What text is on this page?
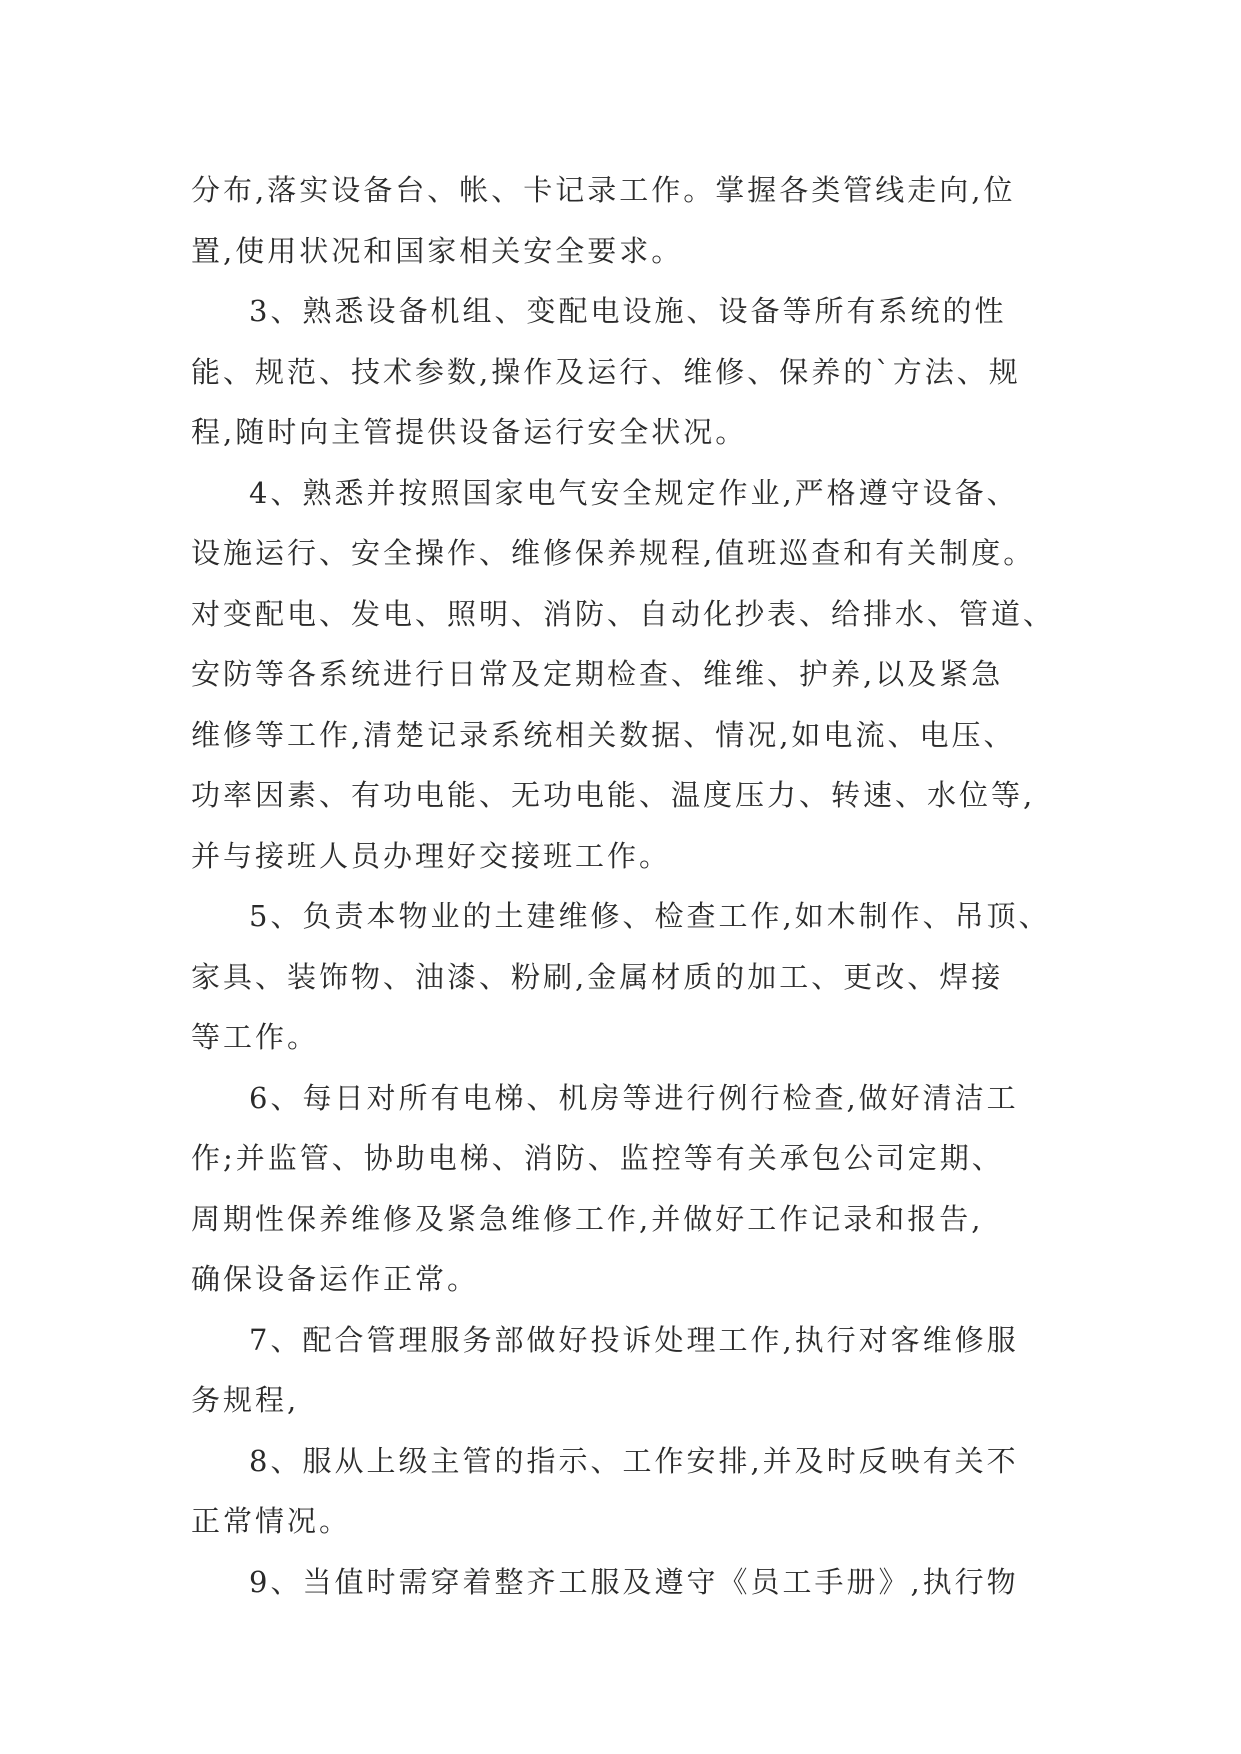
分布,落实设备台、帐、卡记录工作。掌握各类管线走向,位
置,使用状况和国家相关安全要求。

3、熟悉设备机组、变配电设施、设备等所有系统的性
能、规范、技术参数,操作及运行、维修、保养的`方法、规
程,随时向主管提供设备运行安全状况。

4、熟悉并按照国家电气安全规定作业,严格遵守设备、
设施运行、安全操作、维修保养规程,值班巡查和有关制度。
对变配电、发电、照明、消防、自动化抄表、给排水、管道、
安防等各系统进行日常及定期检查、维维、护养,以及紧急
维修等工作,清楚记录系统相关数据、情况,如电流、电压、
功率因素、有功电能、无功电能、温度压力、转速、水位等,
并与接班人员办理好交接班工作。

5、负责本物业的土建维修、检查工作,如木制作、吊顶、
家具、装饰物、油漆、粉刷,金属材质的加工、更改、焊接
等工作。

6、每日对所有电梯、机房等进行例行检查,做好清洁工
作;并监管、协助电梯、消防、监控等有关承包公司定期、
周期性保养维修及紧急维修工作,并做好工作记录和报告,
确保设备运作正常。

7、配合管理服务部做好投诉处理工作,执行对客维修服
务规程,

8、服从上级主管的指示、工作安排,并及时反映有关不
正常情况。

9、当值时需穿着整齐工服及遵守《员工手册》,执行物
